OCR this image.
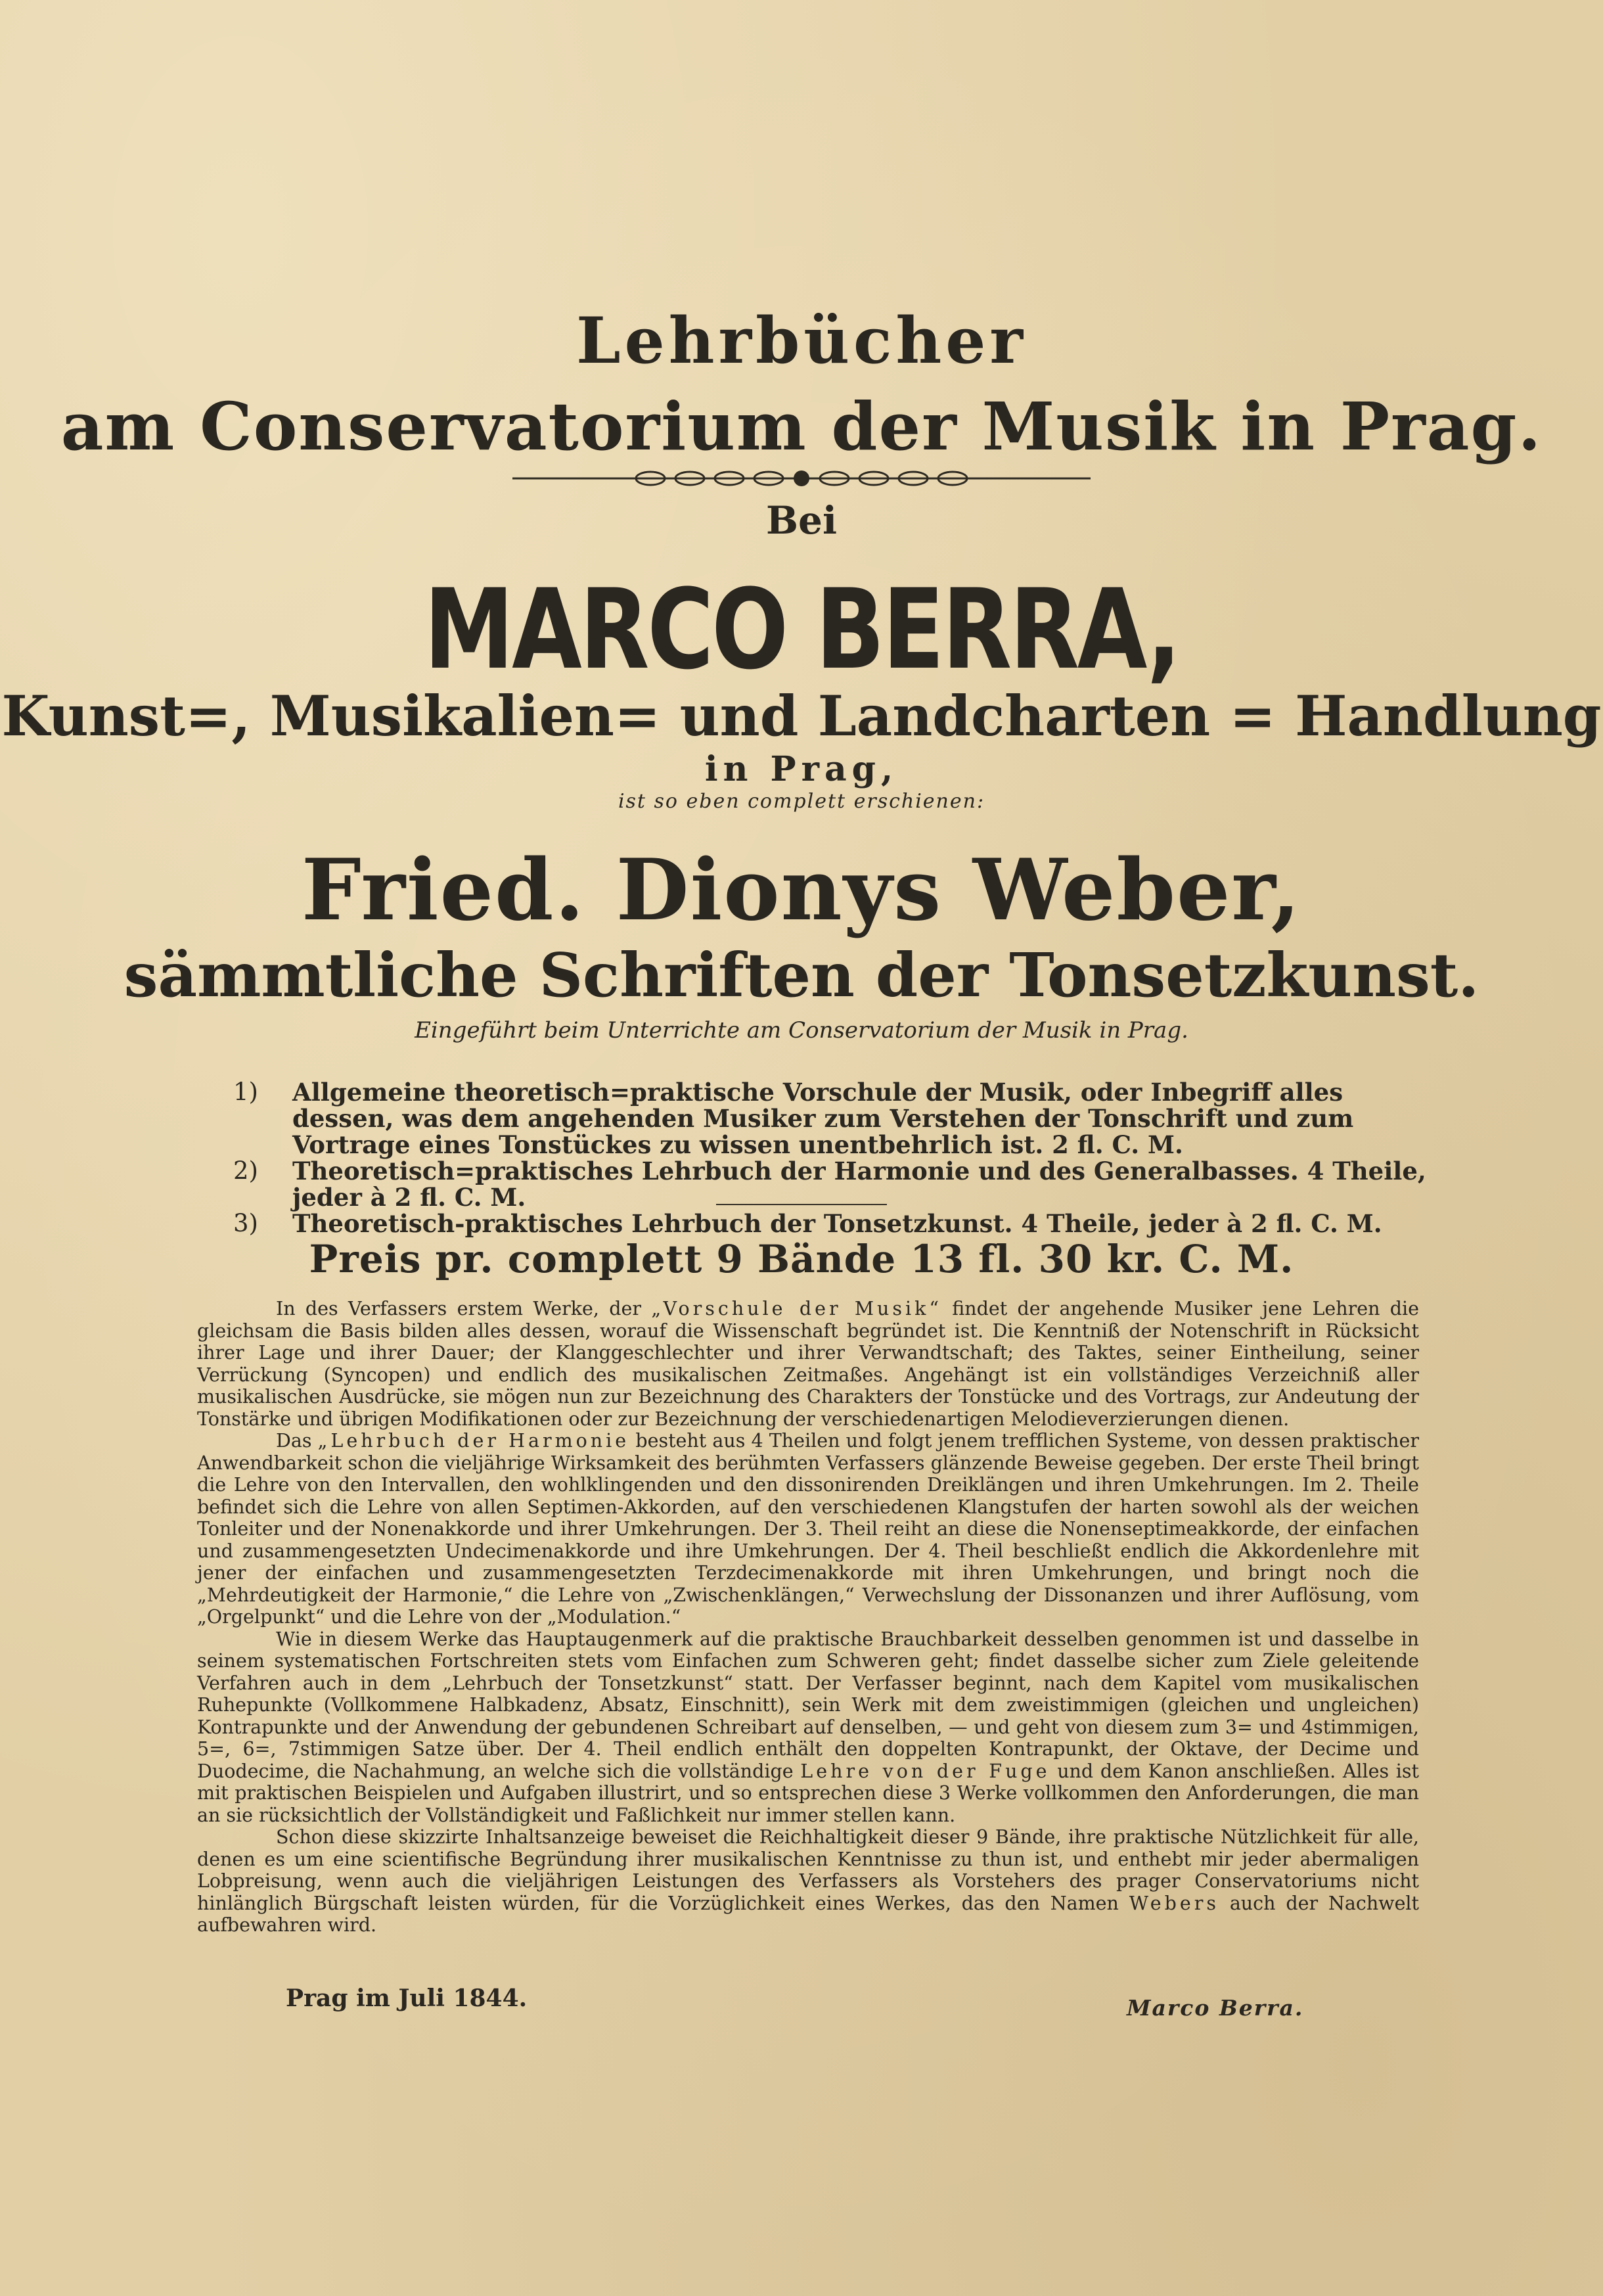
Lehrbücher
am Conservatorium der Musik in Prag.
Bei
MARCO BERRA,
Kunst=, Musikalien= und Landcharten = Handlung
in Prag,
ist so eben complett erschienen:
Fried. Dionys Weber,
sämmtliche Schriften der Tonsetzkunst.
Eingeführt beim Unterrichte am Conservatorium der Musik in Prag.
1)	Allgemeine theoretisch=praktische Vorschule der Musik, oder Inbegriff alles dessen, was dem angehenden Musiker zum Verstehen der Tonschrift und zum Vortrage eines Tonstückes zu wissen unentbehrlich ist. 2 fl. C. M.
2)	Theoretisch=praktisches Lehrbuch der Harmonie und des Generalbasses. 4 Theile, jeder à 2 fl. C. M.
3)	Theoretisch-praktisches Lehrbuch der Tonsetzkunst. 4 Theile, jeder à 2 fl. C. M.
Preis pr. complett 9 Bände 13 fl. 30 kr. C. M.

In des Verfassers erstem Werke, der „Vorschule der Musik“ findet der angehende Musiker jene Lehren die gleichsam die Basis bilden alles dessen, worauf die Wissenschaft begründet ist. Die Kenntniß der Notenschrift in Rücksicht ihrer Lage und ihrer Dauer; der Klanggeschlechter und ihrer Verwandtschaft; des Taktes, seiner Eintheilung, seiner Verrückung (Syncopen) und endlich des musikalischen Zeitmaßes. Angehängt ist ein vollständiges Verzeichniß aller musikalischen Ausdrücke, sie mögen nun zur Bezeichnung des Charakters der Tonstücke und des Vortrags, zur Andeutung der Tonstärke und übrigen Modifikationen oder zur Bezeichnung der verschiedenartigen Melodieverzierungen dienen.

Das „Lehrbuch der Harmonie besteht aus 4 Theilen und folgt jenem trefflichen Systeme, von dessen praktischer Anwendbarkeit schon die vieljährige Wirksamkeit des berühmten Verfassers glänzende Beweise gegeben. Der erste Theil bringt die Lehre von den Intervallen, den wohlklingenden und den dissonirenden Dreiklängen und ihren Umkehrungen. Im 2. Theile befindet sich die Lehre von allen Septimen-Akkorden, auf den verschiedenen Klangstufen der harten sowohl als der weichen Tonleiter und der Nonenakkorde und ihrer Umkehrungen. Der 3. Theil reiht an diese die Nonenseptimeakkorde, der einfachen und zusammengesetzten Undecimenakkorde und ihre Umkehrungen. Der 4. Theil beschließt endlich die Akkordenlehre mit jener der einfachen und zusammengesetzten Terzdecimenakkorde mit ihren Umkehrungen, und bringt noch die „Mehrdeutigkeit der Harmonie,“ die Lehre von „Zwischenklängen,“ Verwechslung der Dissonanzen und ihrer Auflösung, vom „Orgelpunkt“ und die Lehre von der „Modulation.“

Wie in diesem Werke das Hauptaugenmerk auf die praktische Brauchbarkeit desselben genommen ist und dasselbe in seinem systematischen Fortschreiten stets vom Einfachen zum Schweren geht; findet dasselbe sicher zum Ziele geleitende Verfahren auch in dem „Lehrbuch der Tonsetzkunst“ statt. Der Verfasser beginnt, nach dem Kapitel vom musikalischen Ruhepunkte (Vollkommene Halbkadenz, Absatz, Einschnitt), sein Werk mit dem zweistimmigen (gleichen und ungleichen) Kontrapunkte und der Anwendung der gebundenen Schreibart auf denselben, — und geht von diesem zum 3= und 4stimmigen, 5=, 6=, 7stimmigen Satze über. Der 4. Theil endlich enthält den doppelten Kontrapunkt, der Oktave, der Decime und Duodecime, die Nachahmung, an welche sich die vollständige Lehre von der Fuge und dem Kanon anschließen. Alles ist mit praktischen Beispielen und Aufgaben illustrirt, und so entsprechen diese 3 Werke vollkommen den Anforderungen, die man an sie rücksichtlich der Vollständigkeit und Faßlichkeit nur immer stellen kann.

Schon diese skizzirte Inhaltsanzeige beweiset die Reichhaltigkeit dieser 9 Bände, ihre praktische Nützlichkeit für alle, denen es um eine scientifische Begründung ihrer musikalischen Kenntnisse zu thun ist, und enthebt mir jeder abermaligen Lobpreisung, wenn auch die vieljährigen Leistungen des Verfassers als Vorstehers des prager Conservatoriums nicht hinlänglich Bürgschaft leisten würden, für die Vorzüglichkeit eines Werkes, das den Namen Webers auch der Nachwelt aufbewahren wird.

Prag im Juli 1844.	Marco Berra.
